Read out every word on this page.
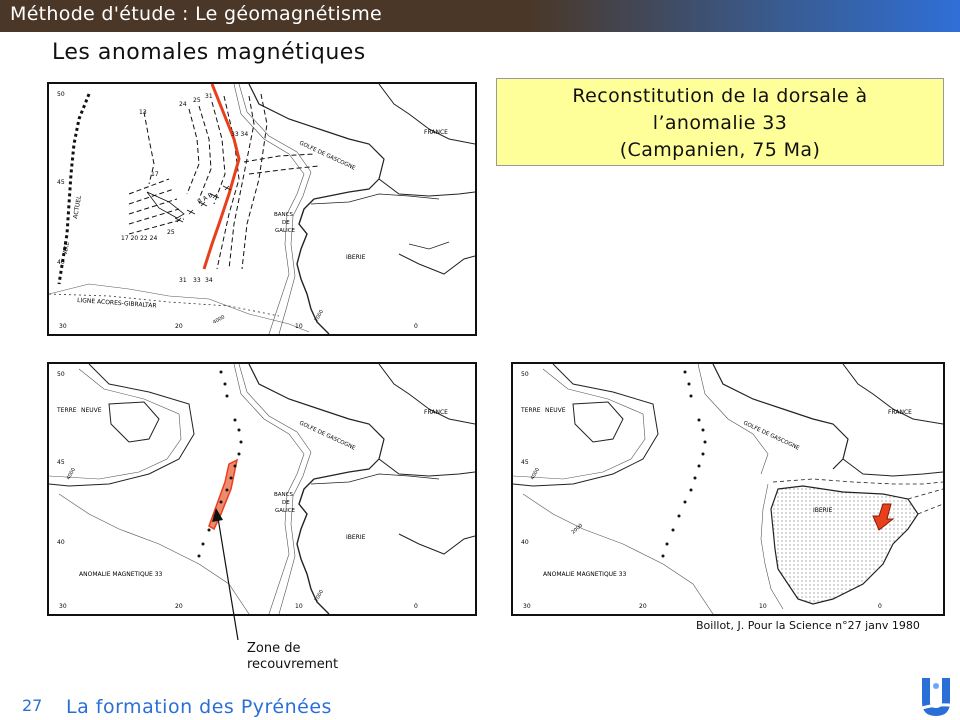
Méthode d'étude : Le géomagnétisme
Les anomales magnétiques
50
45
40
30	20	10	0
4000	2000
AXE
ACTUEL
FRANCE
GOLFE DE GASCOGNE
BANCS
DE
GALICE
IBERIE
LIGNE ACORES-GIBRALTAR
R A B
13
24
25
31
33 34
17
17 20 22 24
25
31 33 34
50
45
40
30	20	10	0
4000
2000
TERRE NEUVE	FRANCE
GOLFE DE GASCOGNE
BANCS
DE
GALICE
IBERIE
ANOMALIE MAGNETIQUE 33
50
45
40
30	20	10	0
4000
2000
TERRE NEUVE	FRANCE
GOLFE DE GASCOGNE
IBERIE
ANOMALIE MAGNETIQUE 33
Reconstitution de la dorsale à
l’anomalie 33
(Campanien, 75 Ma)
Boillot, J. Pour la Science n°27 janv 1980
Zone de
recouvrement
27 La formation des Pyrénées
